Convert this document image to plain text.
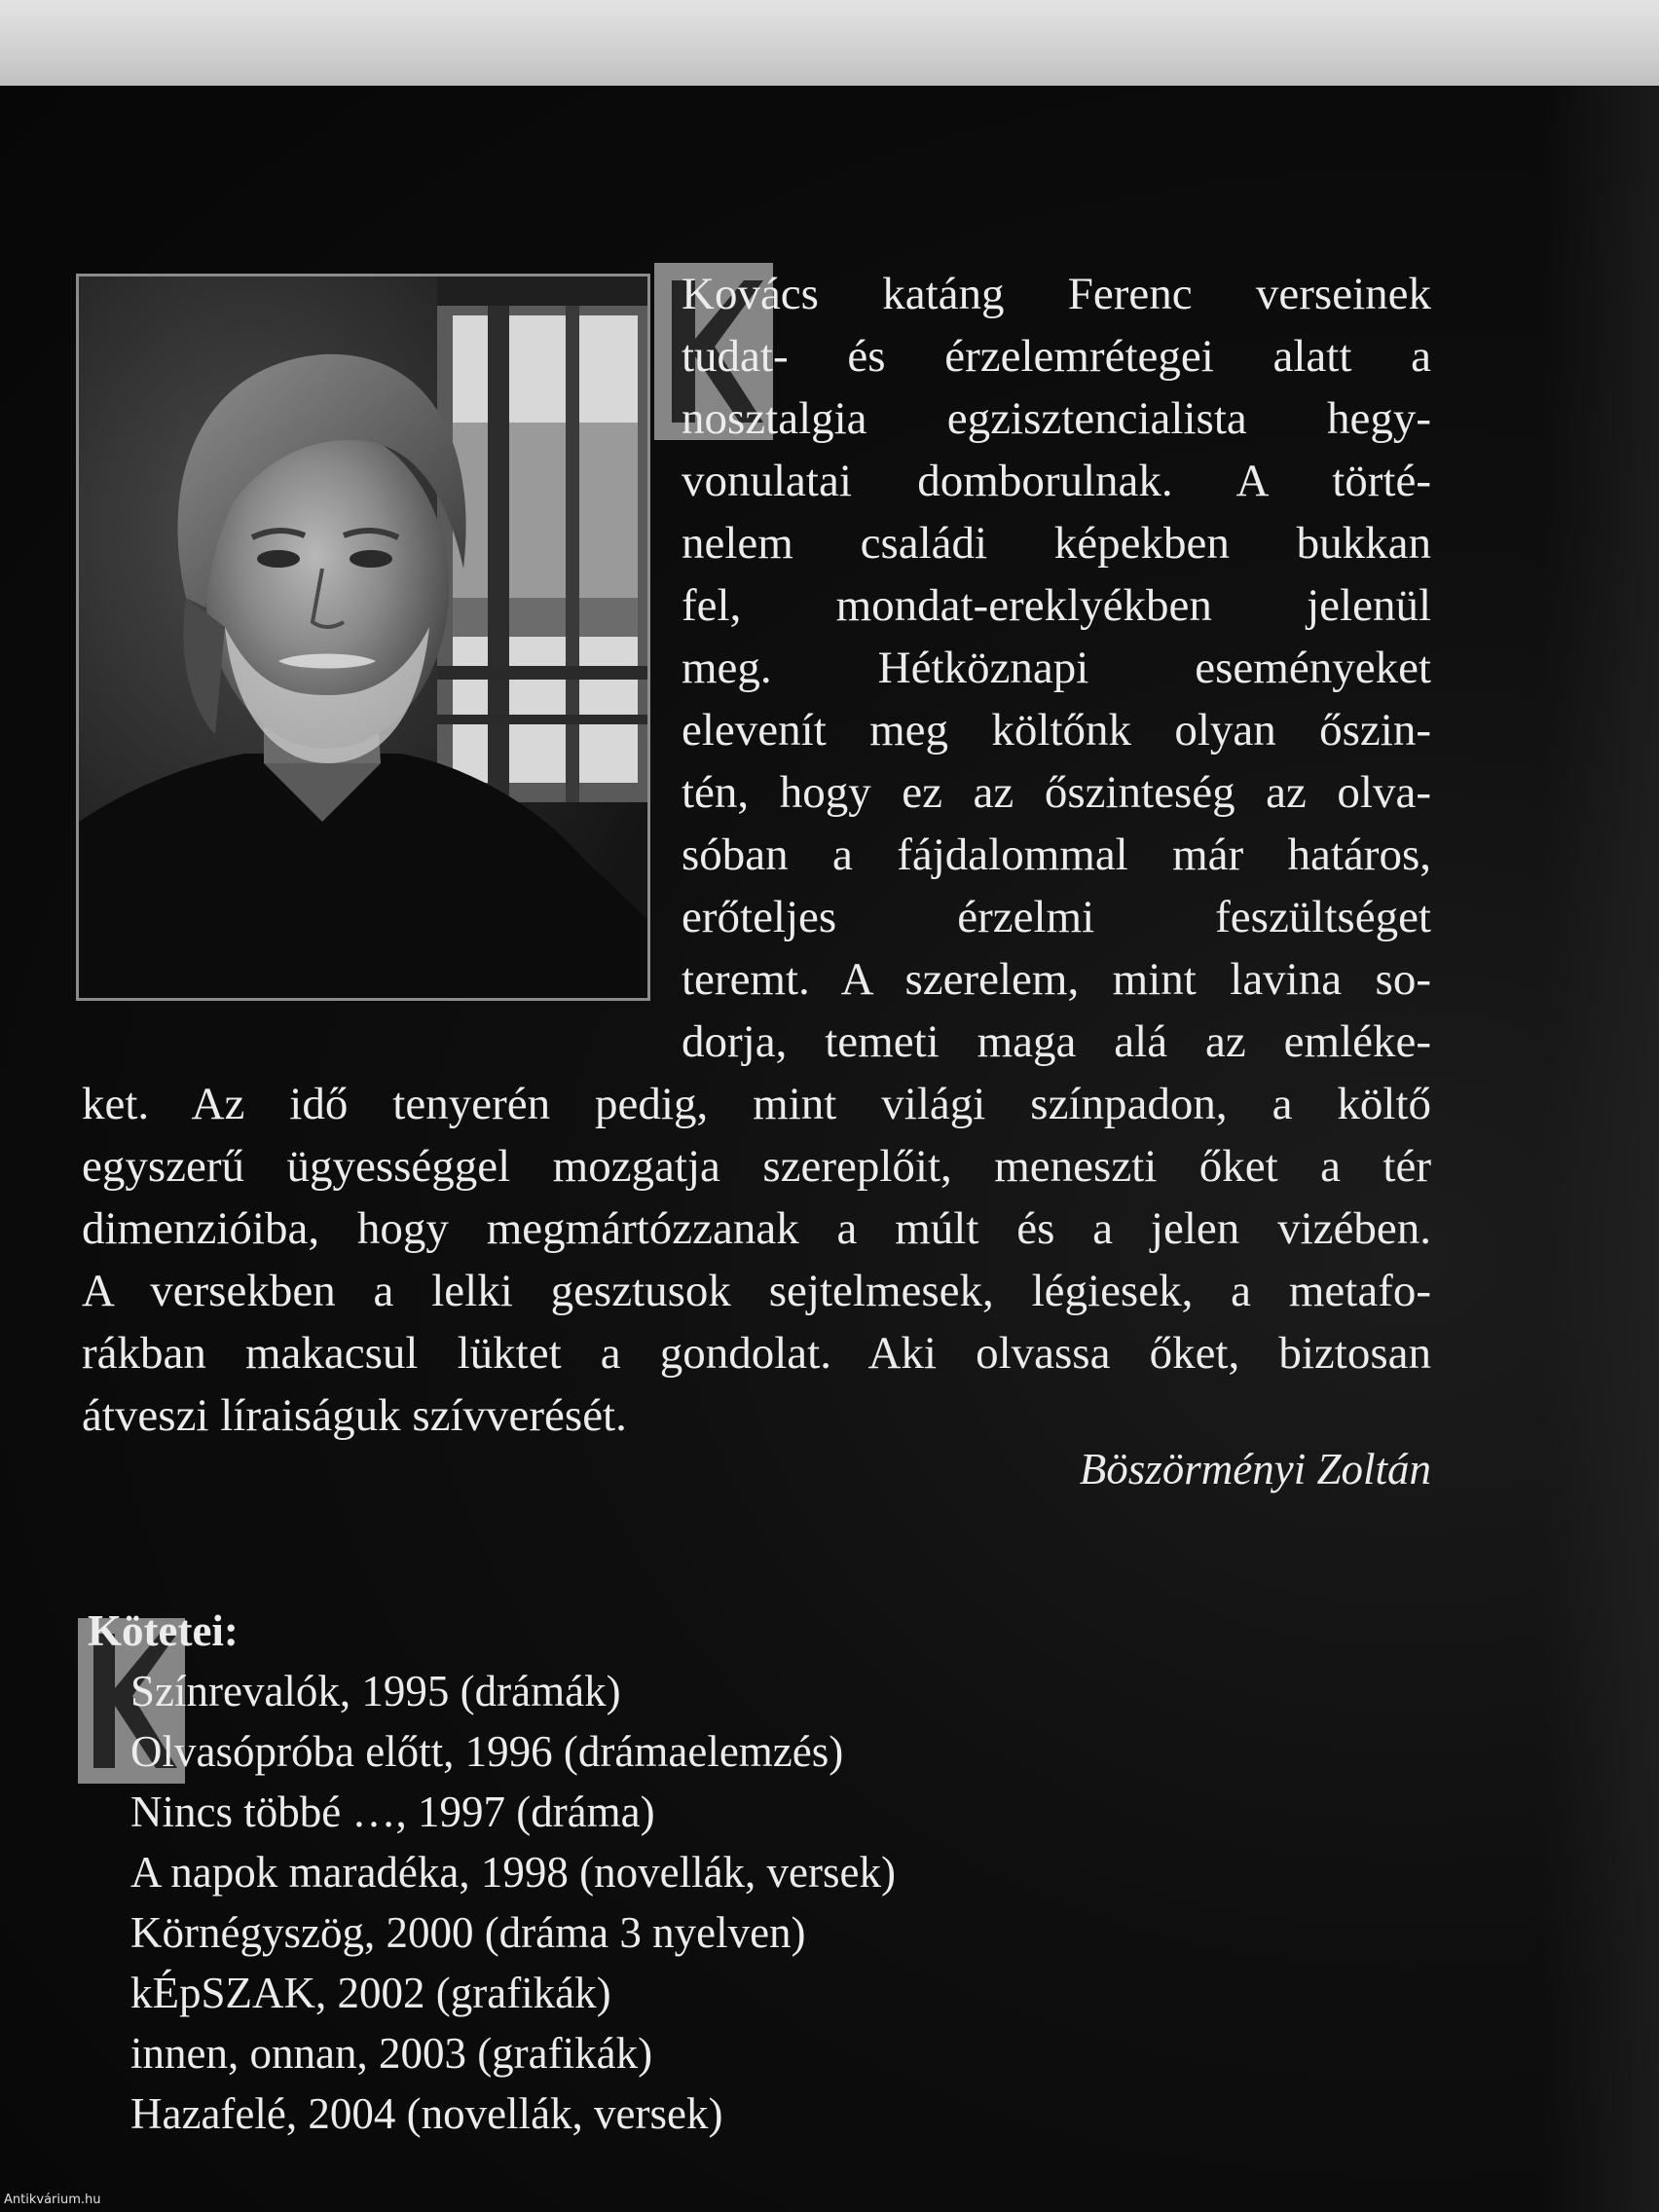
Kovács katáng Ferenc verseinek
tudat- és érzelemrétegei alatt a
nosztalgia egzisztencialista hegy-
vonulatai domborulnak. A törté-
nelem családi képekben bukkan
fel, mondat-ereklyékben jelenül
meg. Hétköznapi eseményeket
elevenít meg költőnk olyan őszin-
tén, hogy ez az őszinteség az olva-
sóban a fájdalommal már határos,
erőteljes érzelmi feszültséget
teremt. A szerelem, mint lavina so-
dorja, temeti maga alá az emléke-
ket. Az idő tenyerén pedig, mint világi színpadon, a költő
egyszerű ügyességgel mozgatja szereplőit, meneszti őket a tér
dimenzióiba, hogy megmártózzanak a múlt és a jelen vizében.
A versekben a lelki gesztusok sejtelmesek, légiesek, a metafo-
rákban makacsul lüktet a gondolat. Aki olvassa őket, biztosan
átveszi líraiságuk szívverését.
Böszörményi Zoltán
Kötetei:
Színrevalók, 1995 (drámák)
Olvasópróba előtt, 1996 (drámaelemzés)
Nincs többé …, 1997 (dráma)
A napok maradéka, 1998 (novellák, versek)
Körnégyszög, 2000 (dráma 3 nyelven)
kÉpSZAK, 2002 (grafikák)
innen, onnan, 2003 (grafikák)
Hazafelé, 2004 (novellák, versek)
Antikvárium.hu
